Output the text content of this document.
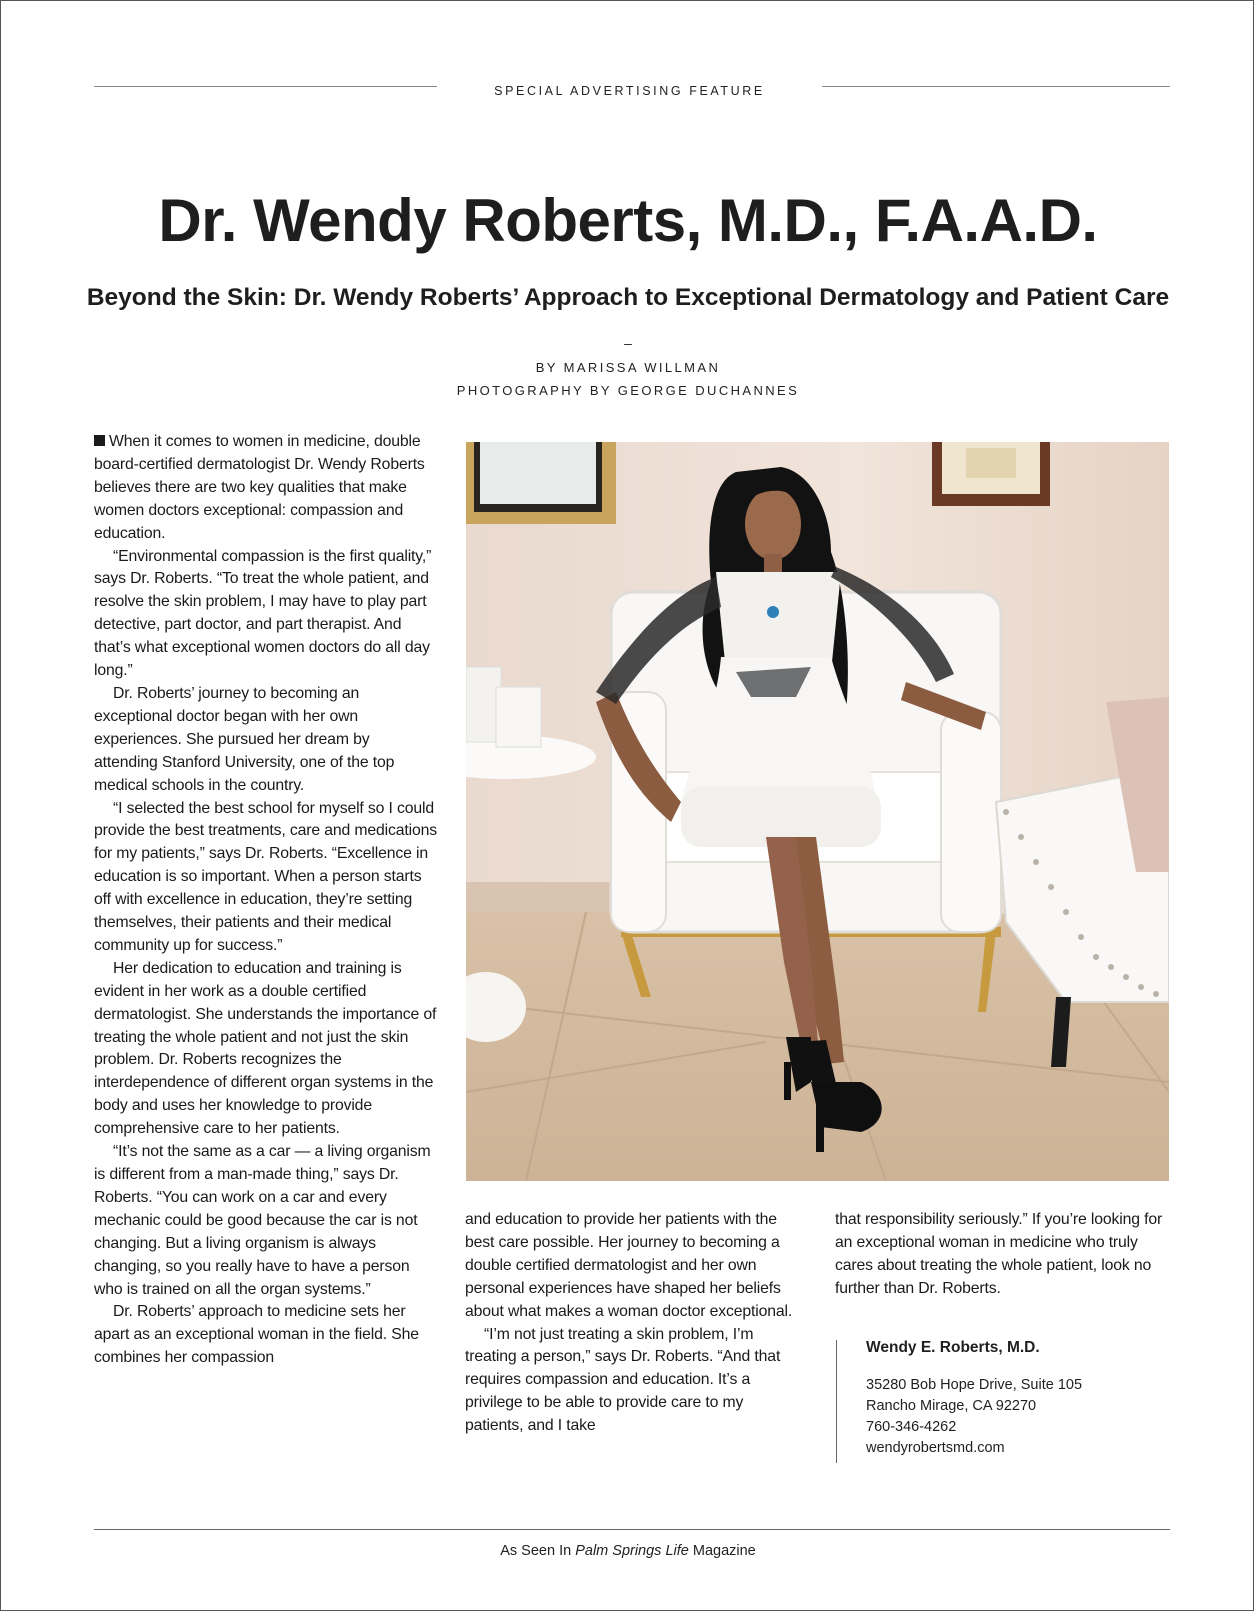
SPECIAL ADVERTISING FEATURE
Dr. Wendy Roberts, M.D., F.A.A.D.
Beyond the Skin: Dr. Wendy Roberts’ Approach to Exceptional Dermatology and Patient Care
–
BY MARISSA WILLMAN
PHOTOGRAPHY BY GEORGE DUCHANNES

When it comes to women in medicine, double board-certified dermatologist Dr. Wendy Roberts believes there are two key qualities that make women doctors exceptional: compassion and education.

“Environmental compassion is the first quality,” says Dr. Roberts. “To treat the whole patient, and resolve the skin problem, I may have to play part detective, part doctor, and part therapist. And that’s what exceptional women doctors do all day long.”

Dr. Roberts’ journey to becoming an exceptional doctor began with her own experiences. She pursued her dream by attending Stanford University, one of the top medical schools in the country.

“I selected the best school for myself so I could provide the best treatments, care and medications for my patients,” says Dr. Roberts. “Excellence in education is so important. When a person starts off with excellence in education, they’re setting themselves, their patients and their medical community up for success.”

Her dedication to education and training is evident in her work as a double certified dermatologist. She understands the importance of treating the whole patient and not just the skin problem. Dr. Roberts recognizes the interdependence of different organ systems in the body and uses her knowledge to provide comprehensive care to her patients.

“It’s not the same as a car — a living organism is different from a man-made thing,” says Dr. Roberts. “You can work on a car and every mechanic could be good because the car is not changing. But a living organism is always changing, so you really have to have a person who is trained on all the organ systems.”

Dr. Roberts’ approach to medicine sets her apart as an exceptional woman in the field. She combines her compassion

and education to provide her patients with the best care possible. Her journey to becoming a double certified dermatologist and her own personal experiences have shaped her beliefs about what makes a woman doctor exceptional.

“I’m not just treating a skin problem, I’m treating a person,” says Dr. Roberts. “And that requires compassion and education. It’s a privilege to be able to provide care to my patients, and I take

that responsibility seriously.” If you’re looking for an exceptional woman in medicine who truly cares about treating the whole patient, look no further than Dr. Roberts.

Wendy E. Roberts, M.D.
35280 Bob Hope Drive, Suite 105
Rancho Mirage, CA 92270
760-346-4262
wendyrobertsmd.com
As Seen In Palm Springs Life Magazine
